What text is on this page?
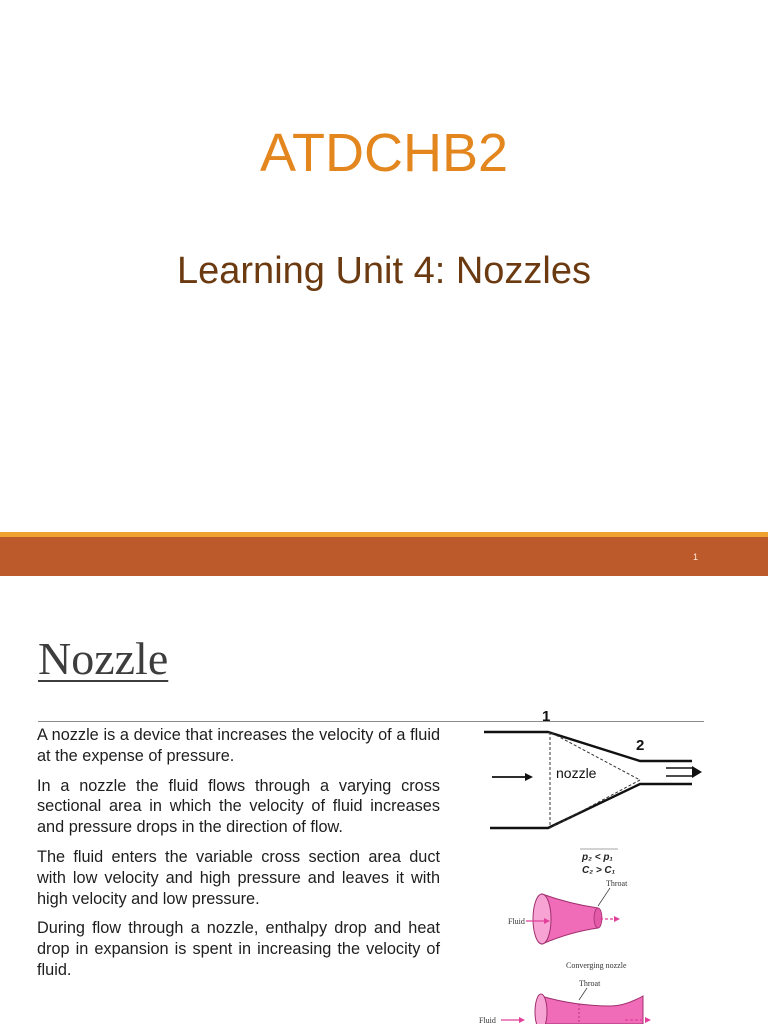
ATDCHB2
Learning Unit 4: Nozzles
1
Nozzle

A nozzle is a device that increases the velocity of a fluid at the expense of pressure.

In a nozzle the fluid flows through a varying cross sectional area in which the velocity of fluid increases and pressure drops in the direction of flow.

The fluid enters the variable cross section area duct with low velocity and high pressure and leaves it with high velocity and low pressure.

During flow through a nozzle, enthalpy drop and heat drop in expansion is spent in increasing the velocity of fluid.

1
2
nozzle
p₂ < p₁
C₂ > C₁
Throat
Fluid
Converging nozzle
Throat
Fluid
